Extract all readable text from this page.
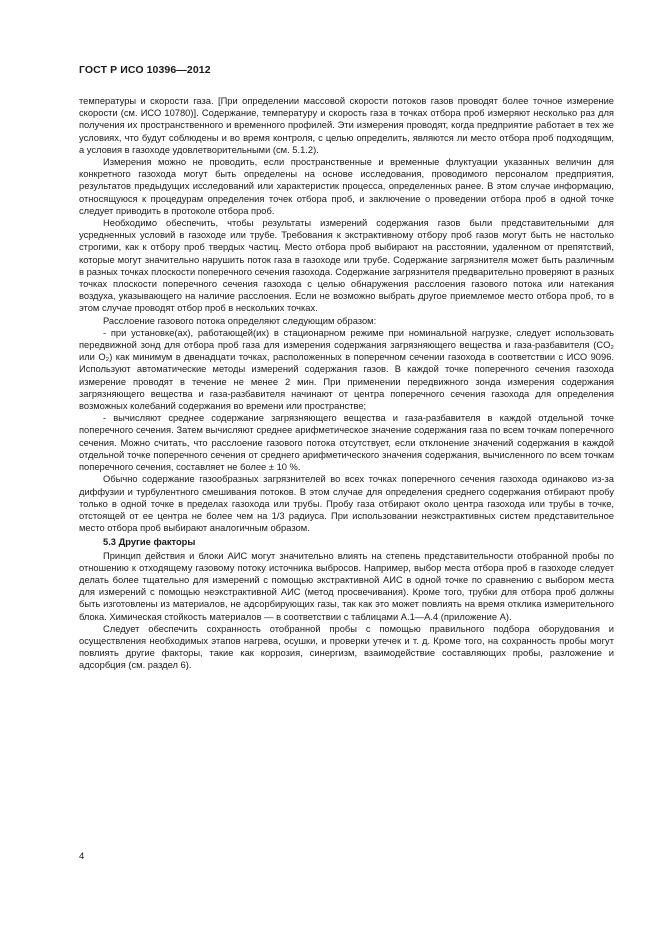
ГОСТ Р ИСО 10396—2012

температуры и скорости газа. [При определении массовой скорости потоков газов проводят более точное измерение скорости (см. ИСО 10780)]. Содержание, температуру и скорость газа в точках отбора проб измеряют несколько раз для получения их пространственного и временного профилей. Эти измерения проводят, когда предприятие работает в тех же условиях, что будут соблюдены и во время контроля, с целью определить, являются ли место отбора проб подходящим, а условия в газоходе удовлетворительными (см. 5.1.2).

Измерения можно не проводить, если пространственные и временные флуктуации указанных величин для конкретного газохода могут быть определены на основе исследования, проводимого персоналом предприятия, результатов предыдущих исследований или характеристик процесса, определенных ранее. В этом случае информацию, относящуюся к процедурам определения точек отбора проб, и заключение о проведении отбора проб в одной точке следует приводить в протоколе отбора проб.

Необходимо обеспечить, чтобы результаты измерений содержания газов были представительными для усредненных условий в газоходе или трубе. Требования к экстрактивному отбору проб газов могут быть не настолько строгими, как к отбору проб твердых частиц. Место отбора проб выбирают на расстоянии, удаленном от препятствий, которые могут значительно нарушить поток газа в газоходе или трубе. Содержание загрязнителя может быть различным в разных точках плоскости поперечного сечения газохода. Содержание загрязнителя предварительно проверяют в разных точках плоскости поперечного сечения газохода с целью обнаружения расслоения газового потока или натекания воздуха, указывающего на наличие расслоения. Если не возможно выбрать другое приемлемое место отбора проб, то в этом случае проводят отбор проб в нескольких точках.

Расслоение газового потока определяют следующим образом:

- при установке(ах), работающей(их) в стационарном режиме при номинальной нагрузке, следует использовать передвижной зонд для отбора проб газа для измерения содержания загрязняющего вещества и газа-разбавителя (CO₂ или O₂) как минимум в двенадцати точках, расположенных в поперечном сечении газохода в соответствии с ИСО 9096. Используют автоматические методы измерений содержания газов. В каждой точке поперечного сечения газохода измерение проводят в течение не менее 2 мин. При применении передвижного зонда измерения содержания загрязняющего вещества и газа-разбавителя начинают от центра поперечного сечения газохода для определения возможных колебаний содержания во времени или пространстве;

- вычисляют среднее содержание загрязняющего вещества и газа-разбавителя в каждой отдельной точке поперечного сечения. Затем вычисляют среднее арифметическое значение содержания газа по всем точкам поперечного сечения. Можно считать, что расслоение газового потока отсутствует, если отклонение значений содержания в каждой отдельной точке поперечного сечения от среднего арифметического значения содержания, вычисленного по всем точкам поперечного сечения, составляет не более ± 10 %.

Обычно содержание газообразных загрязнителей во всех точках поперечного сечения газохода одинаково из-за диффузии и турбулентного смешивания потоков. В этом случае для определения среднего содержания отбирают пробу только в одной точке в пределах газохода или трубы. Пробу газа отбирают около центра газохода или трубы в точке, отстоящей от ее центра не более чем на 1/3 радиуса. При использовании неэкстрактивных систем представительное место отбора проб выбирают аналогичным образом.

5.3 Другие факторы

Принцип действия и блоки АИС могут значительно влиять на степень представительности отобранной пробы по отношению к отходящему газовому потоку источника выбросов. Например, выбор места отбора проб в газоходе следует делать более тщательно для измерений с помощью экстрактивной АИС в одной точке по сравнению с выбором места для измерений с помощью неэкстрактивной АИС (метод просвечивания). Кроме того, трубки для отбора проб должны быть изготовлены из материалов, не адсорбирующих газы, так как это может повлиять на время отклика измерительного блока. Химическая стойкость материалов — в соответствии с таблицами А.1—А.4 (приложение А).

Следует обеспечить сохранность отобранной пробы с помощью правильного подбора оборудования и осуществления необходимых этапов нагрева, осушки, и проверки утечек и т. д. Кроме того, на сохранность пробы могут повлиять другие факторы, такие как коррозия, синергизм, взаимодействие составляющих пробы, разложение и адсорбция (см. раздел 6).

4
